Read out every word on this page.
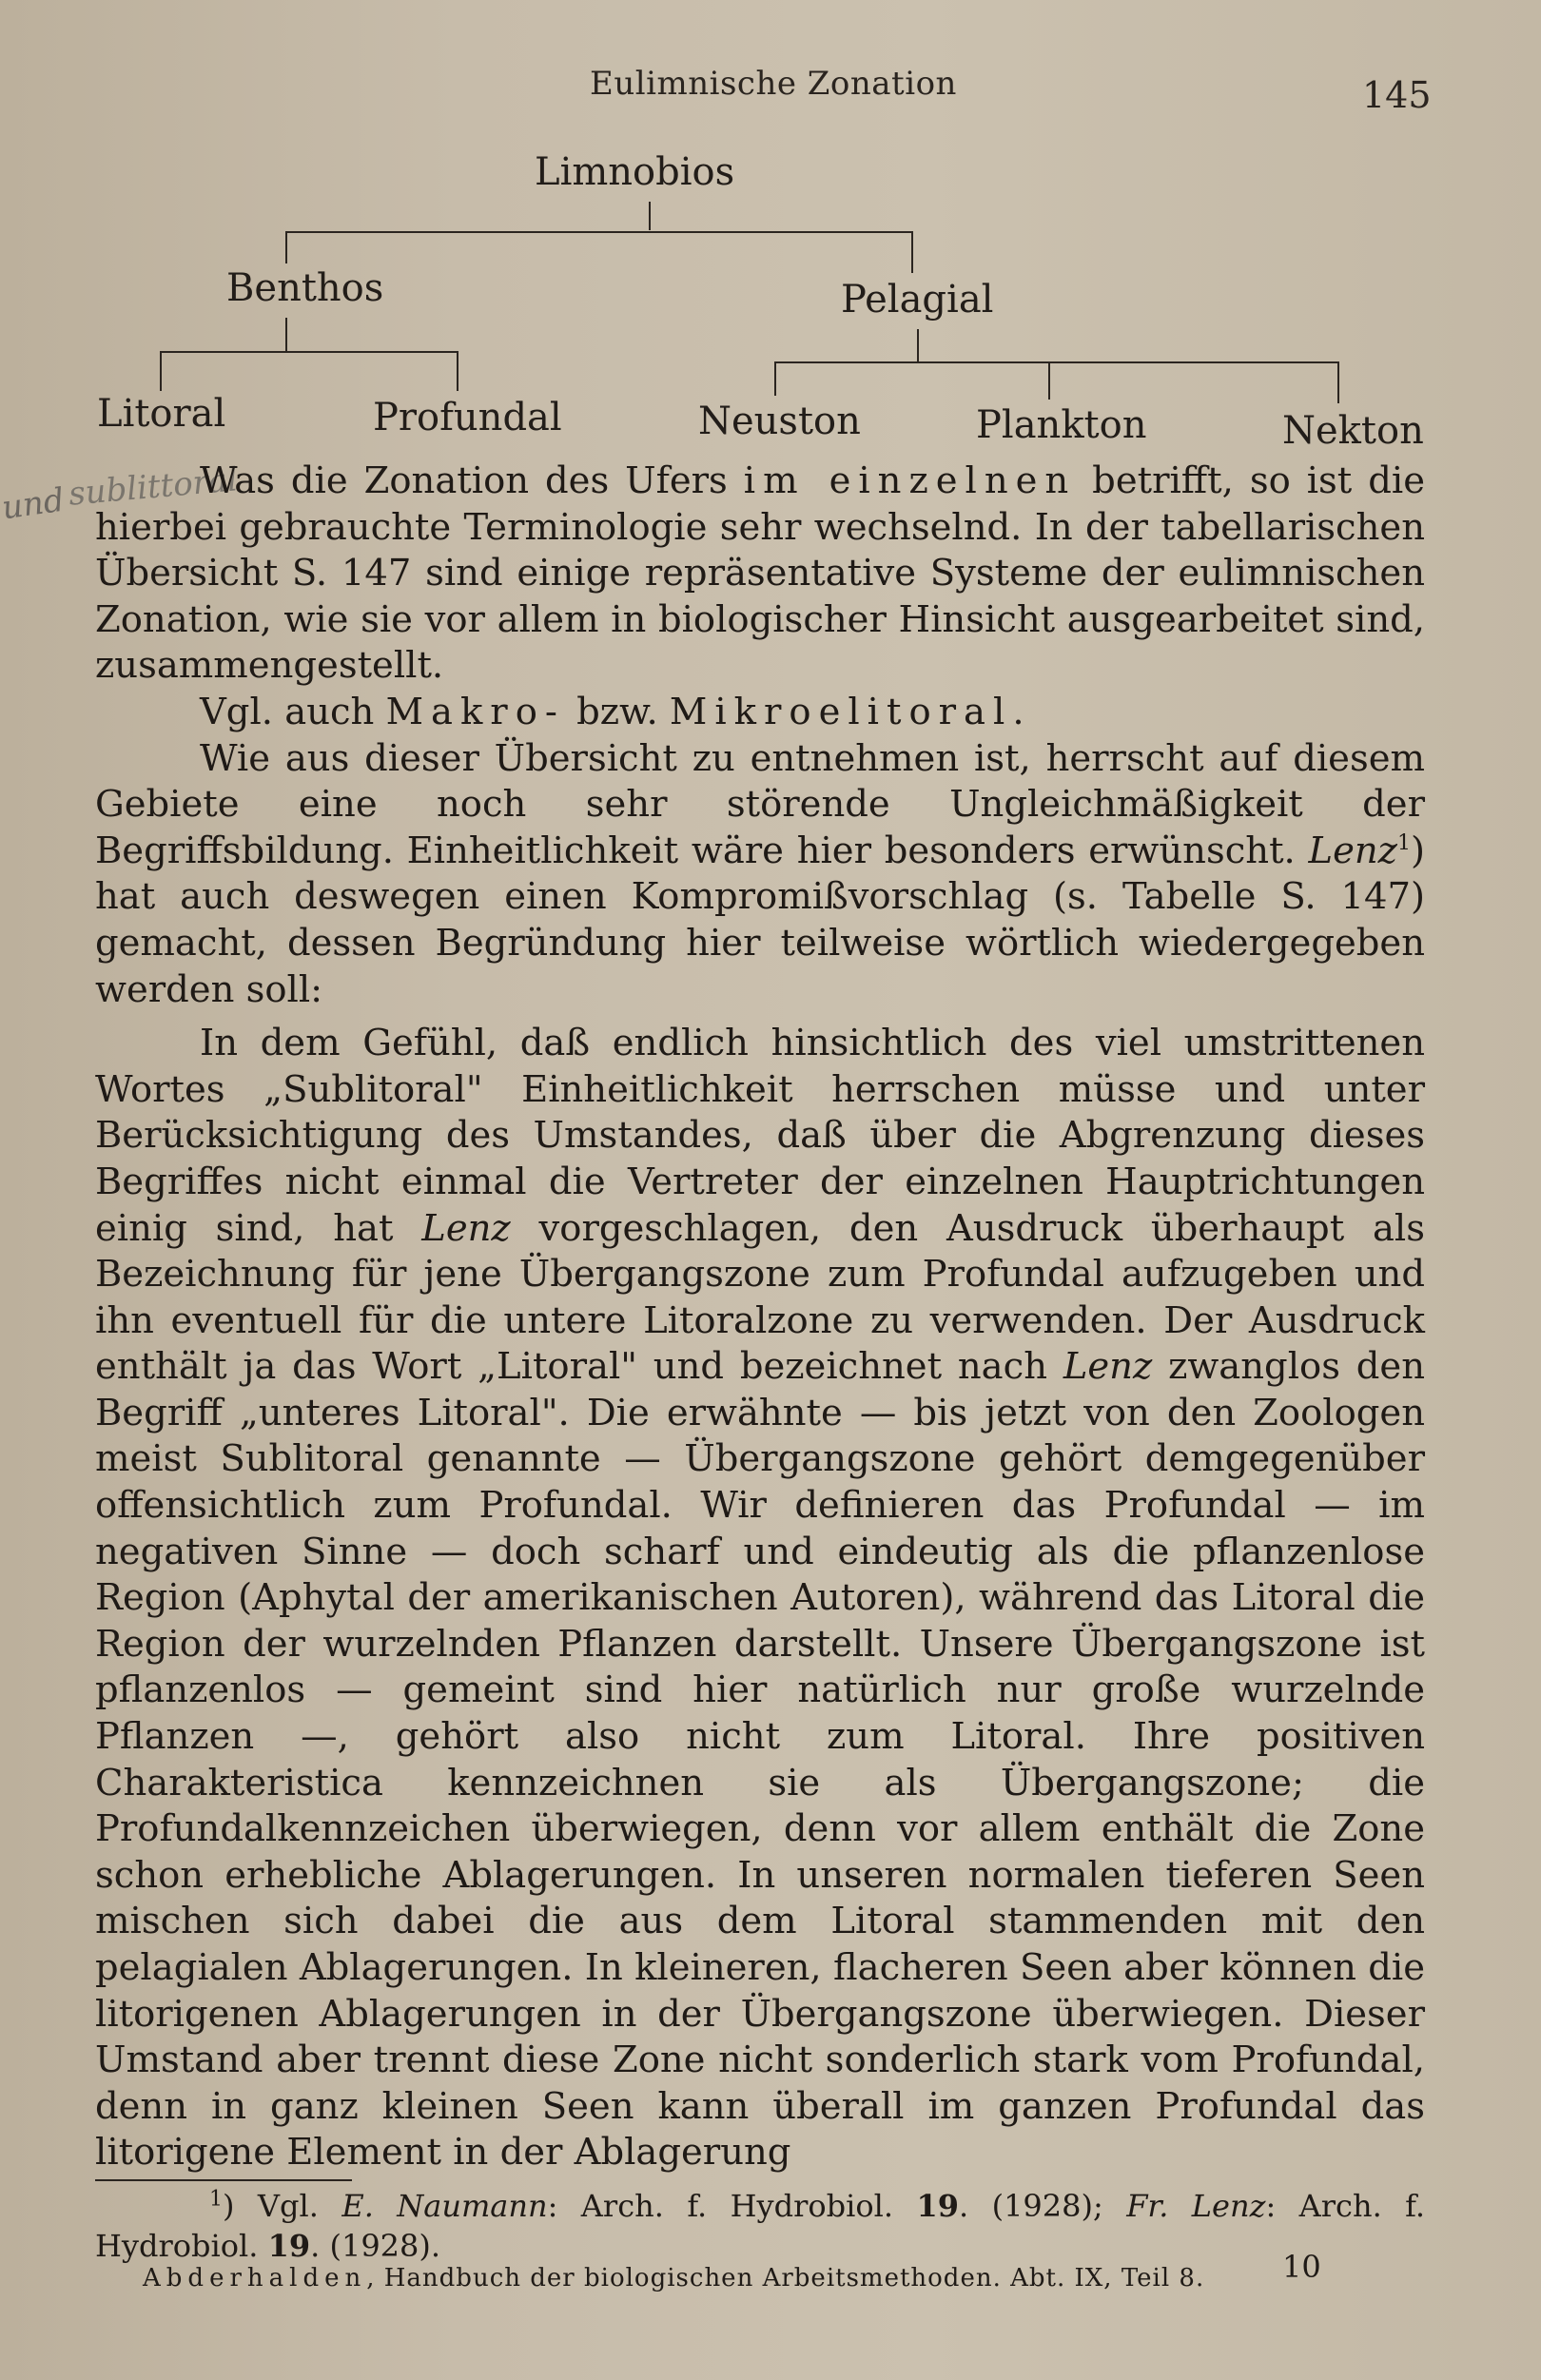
Eulimnische Zonation	145
Limnobios
Benthos	Pelagial
Litoral	Profundal	Neuston	Plankton	Nekton
und sublittoral

Was die Zonation des Ufers im einzelnen betrifft, so ist die hierbei gebrauchte Terminologie sehr wechselnd. In der tabellarischen Übersicht S. 147 sind einige repräsentative Systeme der eulimnischen Zonation, wie sie vor allem in biologischer Hinsicht ausgearbeitet sind, zusammengestellt.

Vgl. auch Makro- bzw. Mikroelitoral.

Wie aus dieser Übersicht zu entnehmen ist, herrscht auf diesem Gebiete eine noch sehr störende Ungleichmäßigkeit der Begriffsbildung. Einheitlichkeit wäre hier besonders erwünscht. Lenz$^1$) hat auch deswegen einen Kompromißvorschlag (s. Tabelle S. 147) gemacht, dessen Begründung hier teilweise wörtlich wiedergegeben werden soll:

In dem Gefühl, daß endlich hinsichtlich des viel umstrittenen Wortes „Sublitoral" Einheitlichkeit herrschen müsse und unter Berücksichtigung des Umstandes, daß über die Abgrenzung dieses Begriffes nicht einmal die Vertreter der einzelnen Hauptrichtungen einig sind, hat Lenz vorgeschlagen, den Ausdruck überhaupt als Bezeichnung für jene Übergangszone zum Profundal aufzugeben und ihn eventuell für die untere Litoralzone zu verwenden. Der Ausdruck enthält ja das Wort „Litoral" und bezeichnet nach Lenz zwanglos den Begriff „unteres Litoral". Die erwähnte — bis jetzt von den Zoologen meist Sublitoral genannte — Übergangszone gehört demgegenüber offensichtlich zum Profundal. Wir definieren das Profundal — im negativen Sinne — doch scharf und eindeutig als die pflanzenlose Region (Aphytal der amerikanischen Autoren), während das Litoral die Region der wurzelnden Pflanzen darstellt. Unsere Übergangszone ist pflanzenlos — gemeint sind hier natürlich nur große wurzelnde Pflanzen —, gehört also nicht zum Litoral. Ihre positiven Charakteristica kennzeichnen sie als Übergangszone; die Profundalkennzeichen überwiegen, denn vor allem enthält die Zone schon erhebliche Ablagerungen. In unseren normalen tieferen Seen mischen sich dabei die aus dem Litoral stammenden mit den pelagialen Ablagerungen. In kleineren, flacheren Seen aber können die litorigenen Ablagerungen in der Übergangszone überwiegen. Dieser Umstand aber trennt diese Zone nicht sonderlich stark vom Profundal, denn in ganz kleinen Seen kann überall im ganzen Profundal das litorigene Element in der Ablagerung

$^1$) Vgl. E. Naumann: Arch. f. Hydrobiol. 19. (1928); Fr. Lenz: Arch. f. Hydrobiol. 19. (1928).
Abderhalden, Handbuch der biologischen Arbeitsmethoden. Abt. IX, Teil 8.	10
